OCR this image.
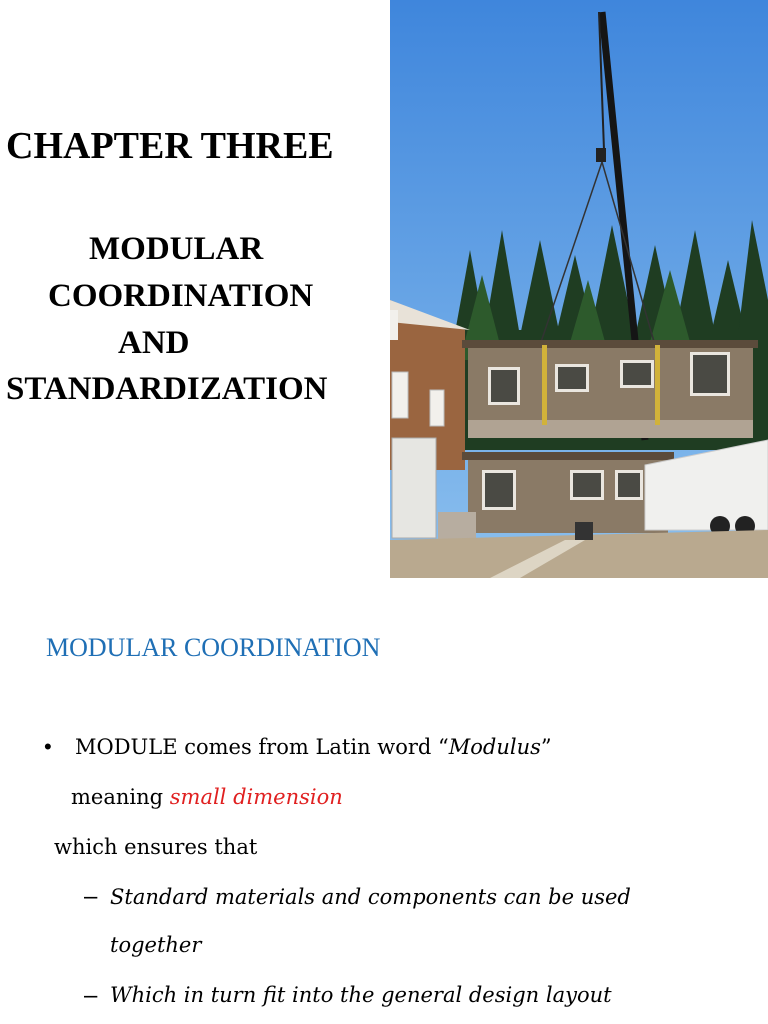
CHAPTER THREE
MODULAR
COORDINATION
AND
STANDARDIZATION
MODULAR COORDINATION
• MODULE comes from Latin word “Modulus”
meaning small dimension
which ensures that
– Standard materials and components can be used
together
– Which in turn fit into the general design layout
